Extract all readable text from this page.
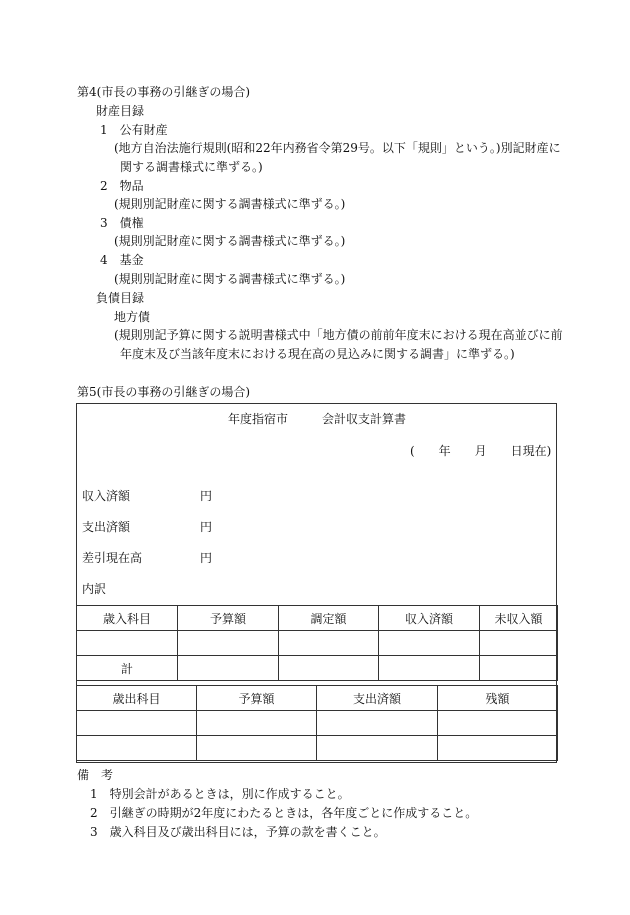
第4(市長の事務の引継ぎの場合)
財産目録
1　公有財産
(地方自治法施行規則(昭和22年内務省令第29号。以下「規則」という。)別記財産に
関する調書様式に準ずる。)
2　物品
(規則別記財産に関する調書様式に準ずる。)
3　債権
(規則別記財産に関する調書様式に準ずる。)
4　基金
(規則別記財産に関する調書様式に準ずる。)
負債目録
地方債
(規則別記予算に関する説明書様式中「地方債の前前年度末における現在高並びに前
年度末及び当該年度末における現在高の見込みに関する調書」に準ずる。)
第5(市長の事務の引継ぎの場合)
年度指宿市	会計収支計算書
(　　年　　月　　日現在)
収入済額	円
支出済額	円
差引現在高	円
内訳
歳入科目	予算額	調定額	収入済額	未収入額

計				
歳出科目	予算額	支出済額	残額

備　考
1　特別会計があるときは，別に作成すること。
2　引継ぎの時期が2年度にわたるときは，各年度ごとに作成すること。
3　歳入科目及び歳出科目には，予算の款を書くこと。
